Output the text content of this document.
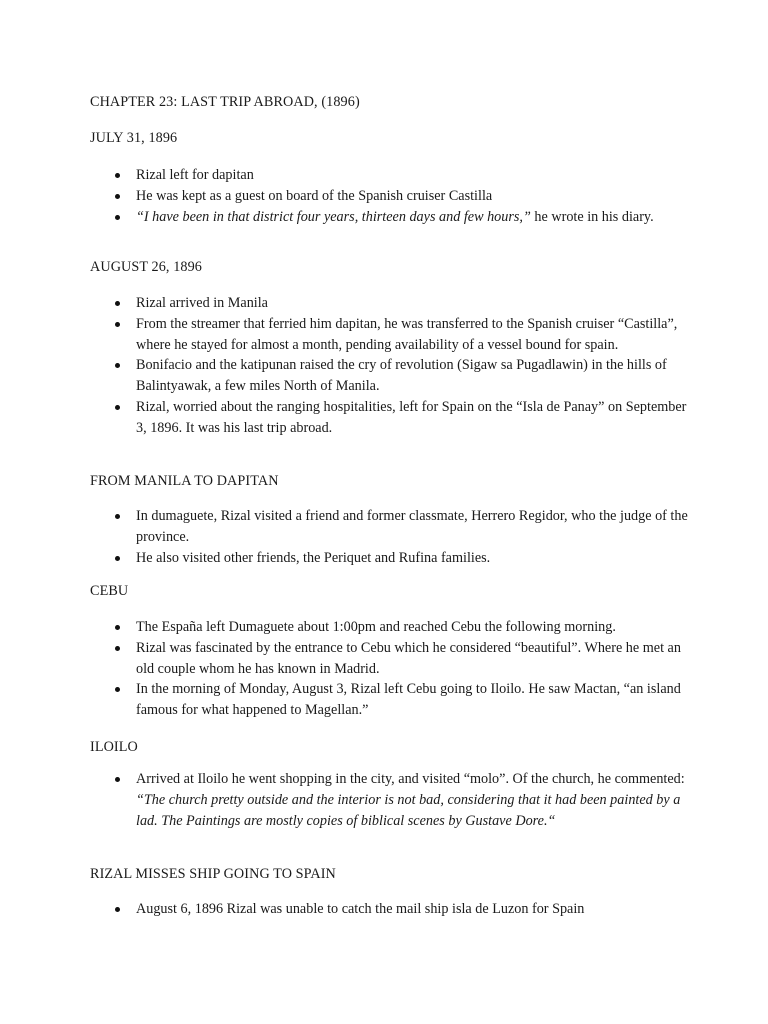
CHAPTER 23: LAST TRIP ABROAD, (1896)

JULY 31, 1896

Rizal left for dapitan
He was kept as a guest on board of the Spanish cruiser Castilla
“I have been in that district four years, thirteen days and few hours,” he wrote in his diary.

AUGUST 26, 1896

Rizal arrived in Manila
From the streamer that ferried him dapitan, he was transferred to the Spanish cruiser “Castilla”, where he stayed for almost a month, pending availability of a vessel bound for spain.
Bonifacio and the katipunan raised the cry of revolution (Sigaw sa Pugadlawin) in the hills of Balintyawak, a few miles North of Manila.
Rizal, worried about the ranging hospitalities, left for Spain on the “Isla de Panay” on September 3, 1896. It was his last trip abroad.

FROM MANILA TO DAPITAN

In dumaguete, Rizal visited a friend and former classmate, Herrero Regidor, who the judge of the province.
He also visited other friends, the Periquet and Rufina families.

CEBU

The España left Dumaguete about 1:00pm and reached Cebu the following morning.
Rizal was fascinated by the entrance to Cebu which he considered “beautiful”. Where he met an old couple whom he has known in Madrid.
In the morning of Monday, August 3, Rizal left Cebu going to Iloilo. He saw Mactan, “an island famous for what happened to Magellan.”

ILOILO

Arrived at Iloilo he went shopping in the city, and visited “molo”. Of the church, he commented: “The church pretty outside and the interior is not bad, considering that it had been painted by a lad. The Paintings are mostly copies of biblical scenes by Gustave Dore.“

RIZAL MISSES SHIP GOING TO SPAIN

August 6, 1896 Rizal was unable to catch the mail ship isla de Luzon for Spain
